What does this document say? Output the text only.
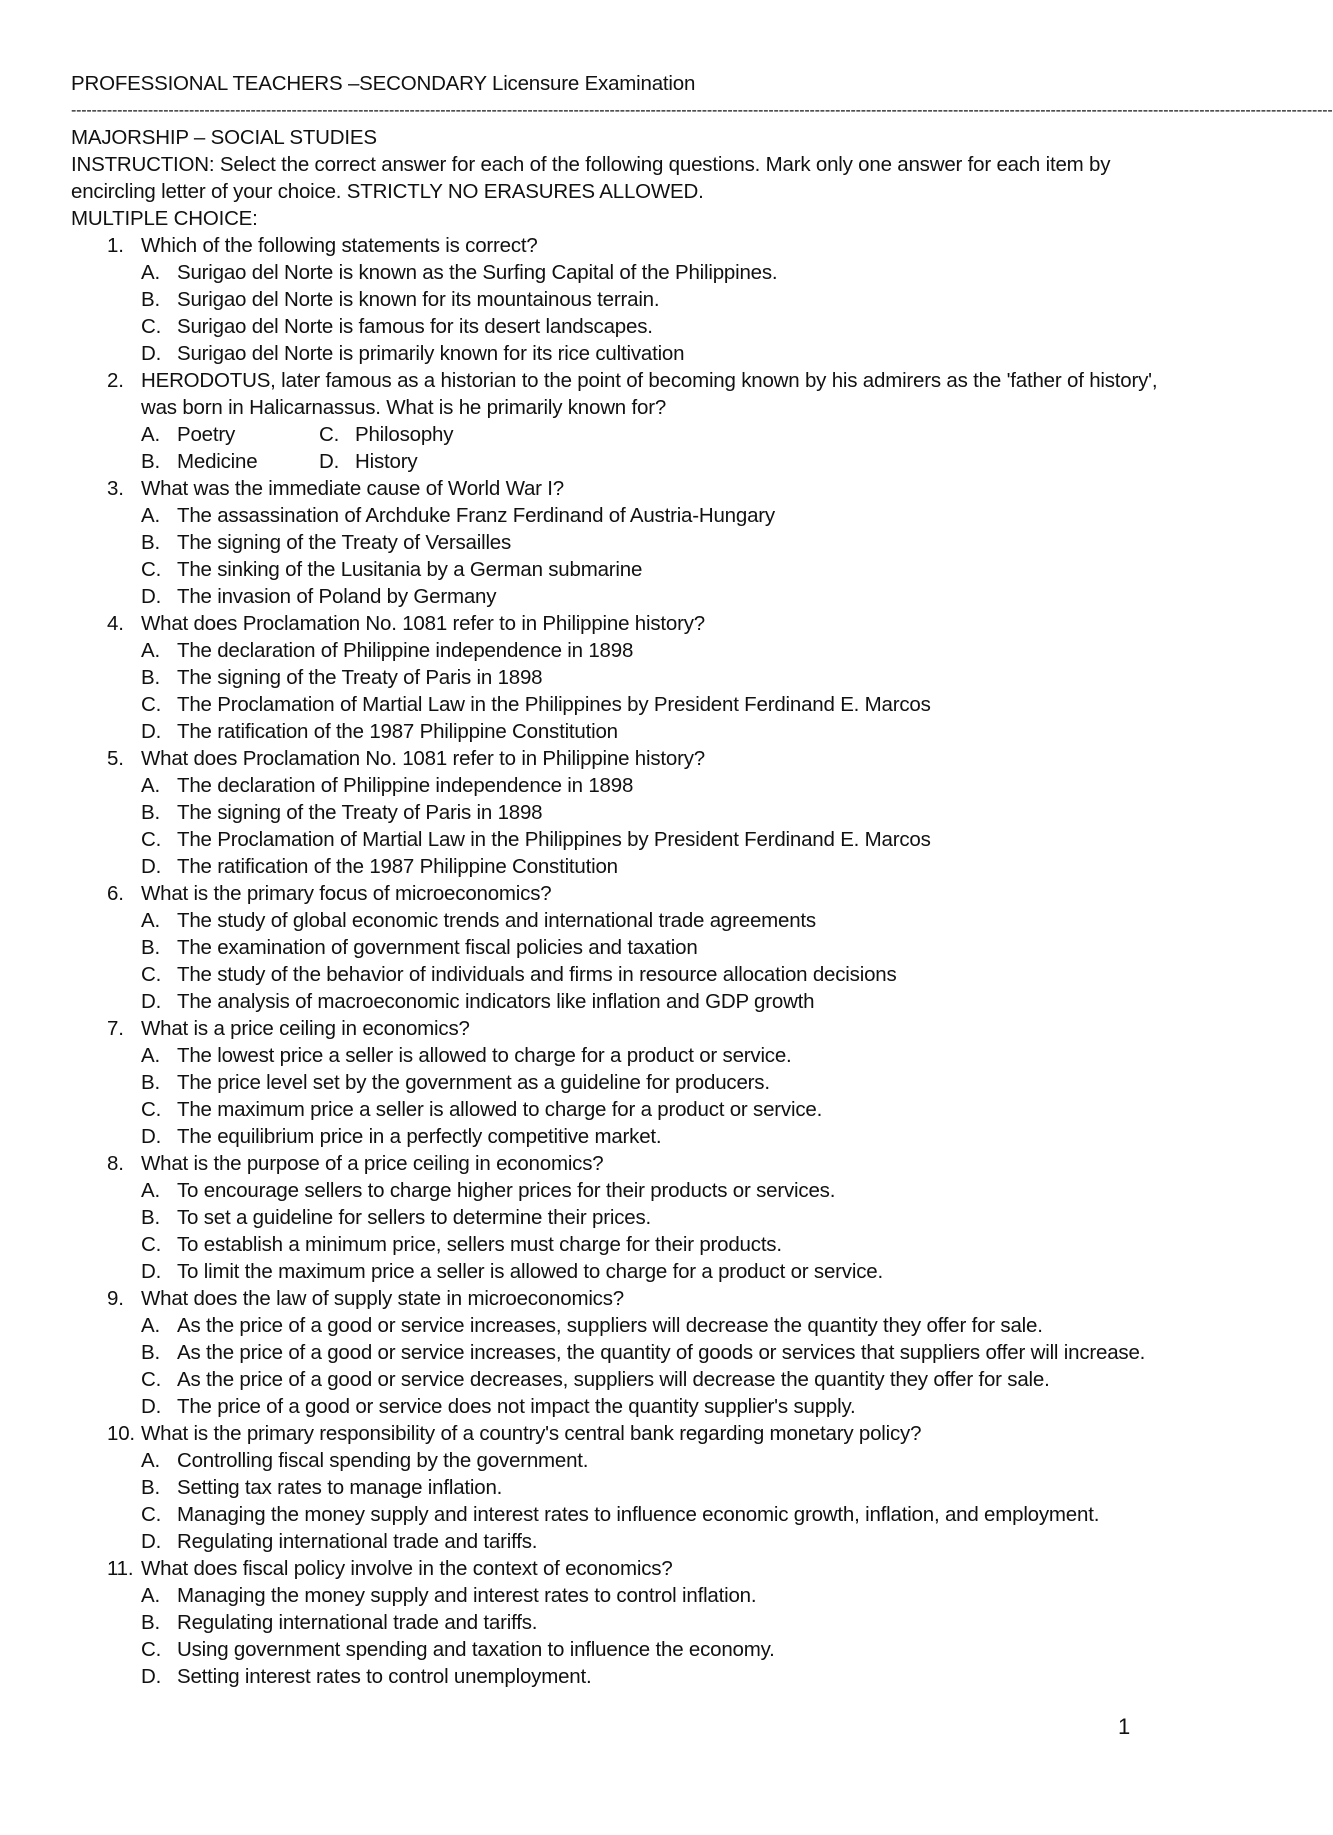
PROFESSIONAL TEACHERS –SECONDARY Licensure Examination
------------------------------------------------------------------------------------------------------------------------------------------------------------------------------------------------------------------------------------------------------
MAJORSHIP – SOCIAL STUDIES
INSTRUCTION: Select the correct answer for each of the following questions. Mark only one answer for each item by
encircling letter of your choice. STRICTLY NO ERASURES ALLOWED.
MULTIPLE CHOICE:
1. Which of the following statements is correct?
A. Surigao del Norte is known as the Surfing Capital of the Philippines.
B. Surigao del Norte is known for its mountainous terrain.
C. Surigao del Norte is famous for its desert landscapes.
D. Surigao del Norte is primarily known for its rice cultivation
2. HERODOTUS, later famous as a historian to the point of becoming known by his admirers as the 'father of history',
was born in Halicarnassus. What is he primarily known for?
A. Poetry	C. Philosophy
B. Medicine	D. History
3. What was the immediate cause of World War I?
A. The assassination of Archduke Franz Ferdinand of Austria-Hungary
B. The signing of the Treaty of Versailles
C. The sinking of the Lusitania by a German submarine
D. The invasion of Poland by Germany
4. What does Proclamation No. 1081 refer to in Philippine history?
A. The declaration of Philippine independence in 1898
B. The signing of the Treaty of Paris in 1898
C. The Proclamation of Martial Law in the Philippines by President Ferdinand E. Marcos
D. The ratification of the 1987 Philippine Constitution
5. What does Proclamation No. 1081 refer to in Philippine history?
A. The declaration of Philippine independence in 1898
B. The signing of the Treaty of Paris in 1898
C. The Proclamation of Martial Law in the Philippines by President Ferdinand E. Marcos
D. The ratification of the 1987 Philippine Constitution
6. What is the primary focus of microeconomics?
A. The study of global economic trends and international trade agreements
B. The examination of government fiscal policies and taxation
C. The study of the behavior of individuals and firms in resource allocation decisions
D. The analysis of macroeconomic indicators like inflation and GDP growth
7. What is a price ceiling in economics?
A. The lowest price a seller is allowed to charge for a product or service.
B. The price level set by the government as a guideline for producers.
C. The maximum price a seller is allowed to charge for a product or service.
D. The equilibrium price in a perfectly competitive market.
8. What is the purpose of a price ceiling in economics?
A. To encourage sellers to charge higher prices for their products or services.
B. To set a guideline for sellers to determine their prices.
C. To establish a minimum price, sellers must charge for their products.
D. To limit the maximum price a seller is allowed to charge for a product or service.
9. What does the law of supply state in microeconomics?
A. As the price of a good or service increases, suppliers will decrease the quantity they offer for sale.
B. As the price of a good or service increases, the quantity of goods or services that suppliers offer will increase.
C. As the price of a good or service decreases, suppliers will decrease the quantity they offer for sale.
D. The price of a good or service does not impact the quantity supplier's supply.
10. What is the primary responsibility of a country's central bank regarding monetary policy?
A. Controlling fiscal spending by the government.
B. Setting tax rates to manage inflation.
C. Managing the money supply and interest rates to influence economic growth, inflation, and employment.
D. Regulating international trade and tariffs.
11. What does fiscal policy involve in the context of economics?
A. Managing the money supply and interest rates to control inflation.
B. Regulating international trade and tariffs.
C. Using government spending and taxation to influence the economy.
D. Setting interest rates to control unemployment.
1
